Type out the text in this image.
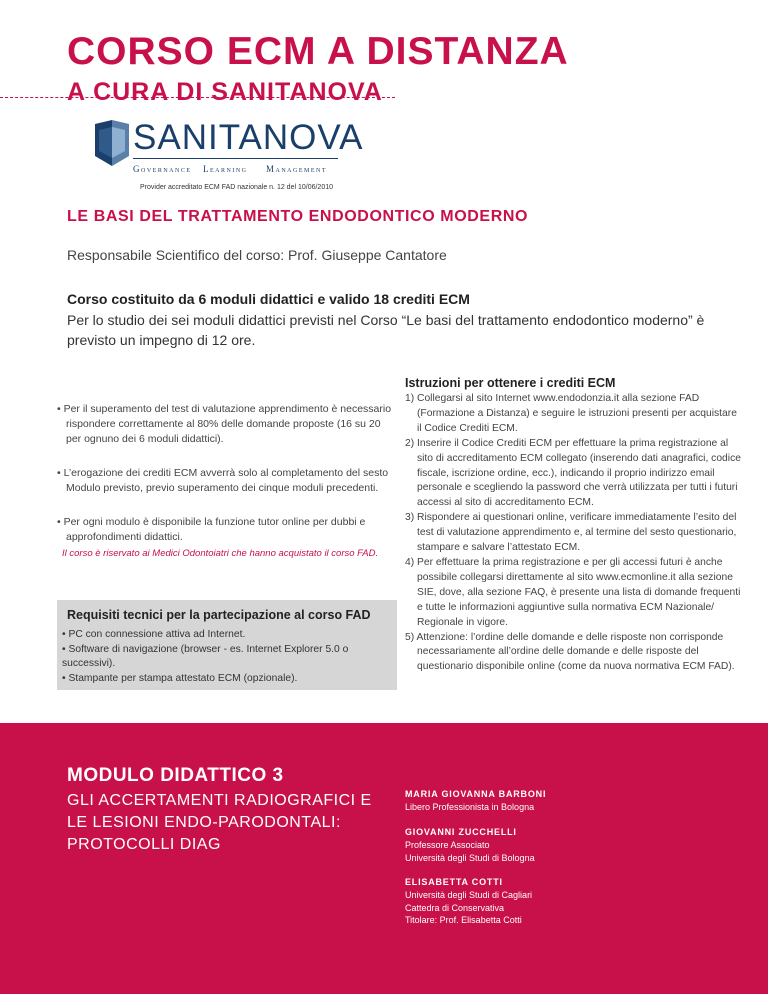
CORSO ECM A DISTANZA
A CURA DI SANITANOVA
SANITANOVA
Governance Learning Management
Provider accreditato ECM FAD nazionale n. 12 del 10/06/2010
LE BASI DEL TRATTAMENTO ENDODONTICO MODERNO
Responsabile Scientifico del corso: Prof. Giuseppe Cantatore
Corso costituito da 6 moduli didattici e valido 18 crediti ECM
Per lo studio dei sei moduli didattici previsti nel Corso “Le basi del trattamento endodontico moderno” è previsto un impegno di 12 ore.
• Per il superamento del test di valutazione apprendimento è necessario rispondere correttamente al 80% delle domande proposte (16 su 20 per ognuno dei 6 moduli didattici).
• L’erogazione dei crediti ECM avverrà solo al completamento del sesto Modulo previsto, previo superamento dei cinque moduli precedenti.
• Per ogni modulo è disponibile la funzione tutor online per dubbi e approfondimenti didattici.
Il corso è riservato ai Medici Odontoiatri che hanno acquistato il corso FAD.
Requisiti tecnici per la partecipazione al corso FAD
• PC con connessione attiva ad Internet.
• Software di navigazione (browser - es. Internet Explorer 5.0 o successivi).
• Stampante per stampa attestato ECM (opzionale).
Istruzioni per ottenere i crediti ECM
1) Collegarsi al sito Internet www.endodonzia.it alla sezione FAD (Formazione a Distanza) e seguire le istruzioni presenti per acquistare il Codice Crediti ECM.
2) Inserire il Codice Crediti ECM per effettuare la prima registrazione al sito di accreditamento ECM collegato (inserendo dati anagrafici, codice fiscale, iscrizione ordine, ecc.), indicando il proprio indirizzo email personale e scegliendo la password che verrà utilizzata per tutti i futuri accessi al sito di accreditamento ECM.
3) Rispondere ai questionari online, verificare immediatamente l’esito del test di valutazione apprendimento e, al termine del sesto questionario, stampare e salvare l’attestato ECM.
4) Per effettuare la prima registrazione e per gli accessi futuri è anche possibile collegarsi direttamente al sito www.ecmonline.it alla sezione SIE, dove, alla sezione FAQ, è presente una lista di domande frequenti e tutte le informazioni aggiuntive sulla normativa ECM Nazionale/ Regionale in vigore.
5) Attenzione: l’ordine delle domande e delle risposte non corrisponde necessariamente all’ordine delle domande e delle risposte del questionario disponibile online (come da nuova normativa ECM FAD).
MODULO DIDATTICO 3
GLI ACCERTAMENTI RADIOGRAFICI E LE LESIONI ENDO-PARODONTALI: PROTOCOLLI DIAG
MARIA GIOVANNA BARBONI
Libero Professionista in Bologna
GIOVANNI ZUCCHELLI
Professore Associato
Università degli Studi di Bologna
ELISABETTA COTTI
Università degli Studi di Cagliari
Cattedra di Conservativa
Titolare: Prof. Elisabetta Cotti
